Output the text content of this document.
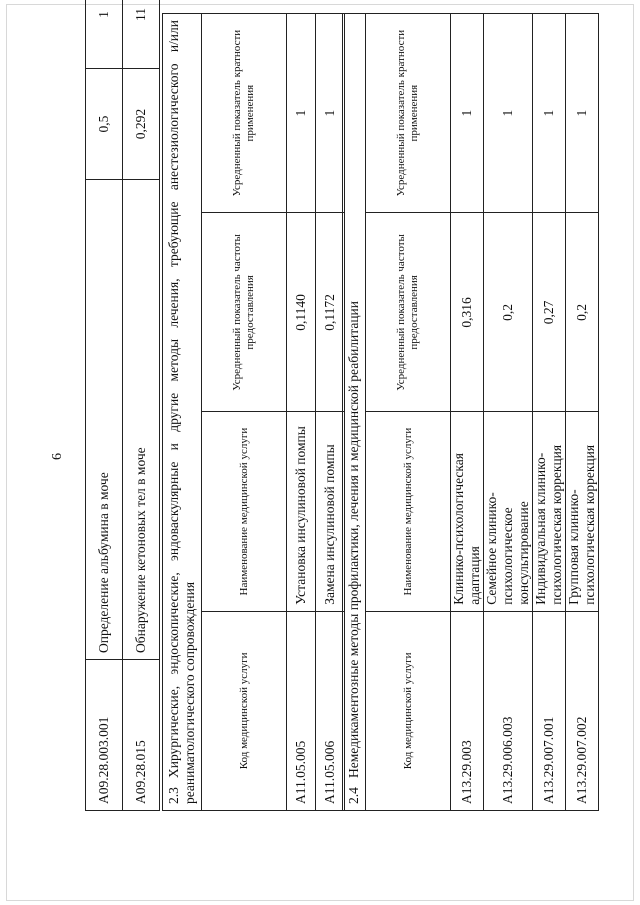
6
A09.28.003.001	Определение альбумина в моче	0,5	1
A09.28.015	Обнаружение кетоновых тел в моче	0,292	11
2.3Хирургические, эндоскопические, эндоваскулярные и другие методы лечения, требующие анестезиологического и/или реаниматологического сопровождения			
Код медицинской услуги	Наименование медицинской услуги	Усредненный показатель частоты предоставления	Усредненный показатель кратности применения
A11.05.005	Установка инсулиновой помпы	0,1140	1
A11.05.006	Замена инсулиновой помпы	0,1172	1
2.4Немедикаментозные методы профилактики, лечения и медицинской реабилитации			
Код медицинской услуги	Наименование медицинской услуги	Усредненный показатель частоты предоставления	Усредненный показатель кратности применения
A13.29.003	Клинико-психологическая адаптация	0,316	1
A13.29.006.003	Семейное клинико-психологическое консультирование	0,2	1
A13.29.007.001	Индивидуальная клинико-психологическая коррекция	0,27	1
A13.29.007.002	Групповая клинико-психологическая коррекция	0,2	1
